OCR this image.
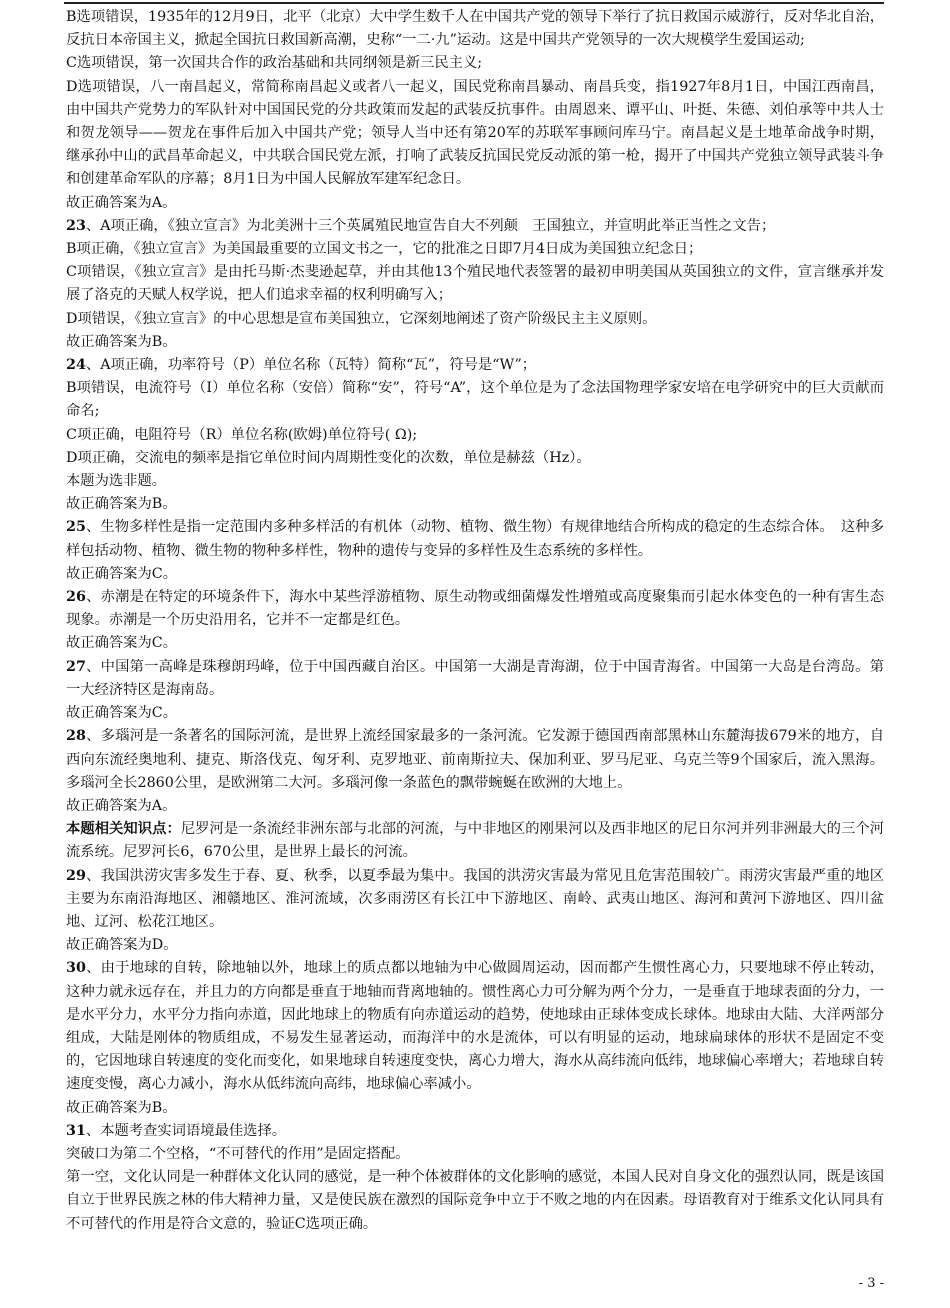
B选项错误，1935年的12月9日，北平（北京）大中学生数千人在中国共产党的领导下举行了抗日救国示威游行，反对华北自治，反抗日本帝国主义，掀起全国抗日救国新高潮，史称“一二·九”运动。这是中国共产党领导的一次大规模学生爱国运动;

C选项错误，第一次国共合作的政治基础和共同纲领是新三民主义;

D选项错误，八一南昌起义，常简称南昌起义或者八一起义，国民党称南昌暴动、南昌兵变，指1927年8月1日，中国江西南昌，由中国共产党势力的军队针对中国国民党的分共政策而发起的武装反抗事件。由周恩来、谭平山、叶挺、朱德、刘伯承等中共人士和贺龙领导——贺龙在事件后加入中国共产党；领导人当中还有第20军的苏联军事顾问库马宁。南昌起义是土地革命战争时期，继承孙中山的武昌革命起义，中共联合国民党左派，打响了武装反抗国民党反动派的第一枪，揭开了中国共产党独立领导武装斗争和创建革命军队的序幕；8月1日为中国人民解放军建军纪念日。

故正确答案为A。

23、A项正确，《独立宣言》为北美洲十三个英属殖民地宣告自大不列颠　王国独立，并宣明此举正当性之文告；

B项正确，《独立宣言》为美国最重要的立国文书之一，它的批准之日即7月4日成为美国独立纪念日；

C项错误，《独立宣言》是由托马斯·杰斐逊起草，并由其他13个殖民地代表签署的最初申明美国从英国独立的文件，宣言继承并发展了洛克的天赋人权学说，把人们追求幸福的权利明确写入；

D项错误，《独立宣言》的中心思想是宣布美国独立，它深刻地阐述了资产阶级民主主义原则。

故正确答案为B。

24、A项正确，功率符号（P）单位名称（瓦特）简称“瓦”，符号是“W”；

B项错误，电流符号（I）单位名称（安倍）简称“安”，符号“A”，这个单位是为了念法国物理学家安培在电学研究中的巨大贡献而命名;

C项正确，电阻符号（R）单位名称(欧姆)单位符号( Ω);

D项正确，交流电的频率是指它单位时间内周期性变化的次数，单位是赫兹（Hz）。

本题为选非题。

故正确答案为B。

25、生物多样性是指一定范围内多种多样活的有机体（动物、植物、微生物）有规律地结合所构成的稳定的生态综合体。　这种多样包括动物、植物、微生物的物种多样性，物种的遗传与变异的多样性及生态系统的多样性。

故正确答案为C。

26、赤潮是在特定的环境条件下，海水中某些浮游植物、原生动物或细菌爆发性增殖或高度聚集而引起水体变色的一种有害生态现象。赤潮是一个历史沿用名，它并不一定都是红色。

故正确答案为C。

27、中国第一高峰是珠穆朗玛峰，位于中国西藏自治区。中国第一大湖是青海湖，位于中国青海省。中国第一大岛是台湾岛。第一大经济特区是海南岛。

故正确答案为C。

28、多瑙河是一条著名的国际河流，是世界上流经国家最多的一条河流。它发源于德国西南部黑林山东麓海拔679米的地方，自西向东流经奥地利、捷克、斯洛伐克、匈牙利、克罗地亚、前南斯拉夫、保加利亚、罗马尼亚、乌克兰等9个国家后，流入黑海。多瑙河全长2860公里，是欧洲第二大河。多瑙河像一条蓝色的飘带蜿蜒在欧洲的大地上。

故正确答案为A。

本题相关知识点：尼罗河是一条流经非洲东部与北部的河流，与中非地区的刚果河以及西非地区的尼日尔河并列非洲最大的三个河流系统。尼罗河长6，670公里，是世界上最长的河流。

29、我国洪涝灾害多发生于春、夏、秋季，以夏季最为集中。我国的洪涝灾害最为常见且危害范围较广。雨涝灾害最严重的地区主要为东南沿海地区、湘赣地区、淮河流域，次多雨涝区有长江中下游地区、南岭、武夷山地区、海河和黄河下游地区、四川盆地、辽河、松花江地区。

故正确答案为D。

30、由于地球的自转，除地轴以外，地球上的质点都以地轴为中心做圆周运动，因而都产生惯性离心力，只要地球不停止转动，这种力就永远存在，并且力的方向都是垂直于地轴而背离地轴的。惯性离心力可分解为两个分力，一是垂直于地球表面的分力，一是水平分力，水平分力指向赤道，因此地球上的物质有向赤道运动的趋势，使地球由正球体变成长球体。地球由大陆、大洋两部分组成，大陆是刚体的物质组成，不易发生显著运动，而海洋中的水是流体，可以有明显的运动，地球扁球体的形状不是固定不变的，它因地球自转速度的变化而变化，如果地球自转速度变快，离心力增大，海水从高纬流向低纬，地球偏心率增大；若地球自转速度变慢，离心力减小，海水从低纬流向高纬，地球偏心率减小。

故正确答案为B。

31、本题考查实词语境最佳选择。

突破口为第二个空格，“不可替代的作用”是固定搭配。

第一空，文化认同是一种群体文化认同的感觉，是一种个体被群体的文化影响的感觉，本国人民对自身文化的强烈认同，既是该国自立于世界民族之林的伟大精神力量，又是使民族在激烈的国际竞争中立于不败之地的内在因素。母语教育对于维系文化认同具有不可替代的作用是符合文意的，验证C选项正确。

- 3 -
